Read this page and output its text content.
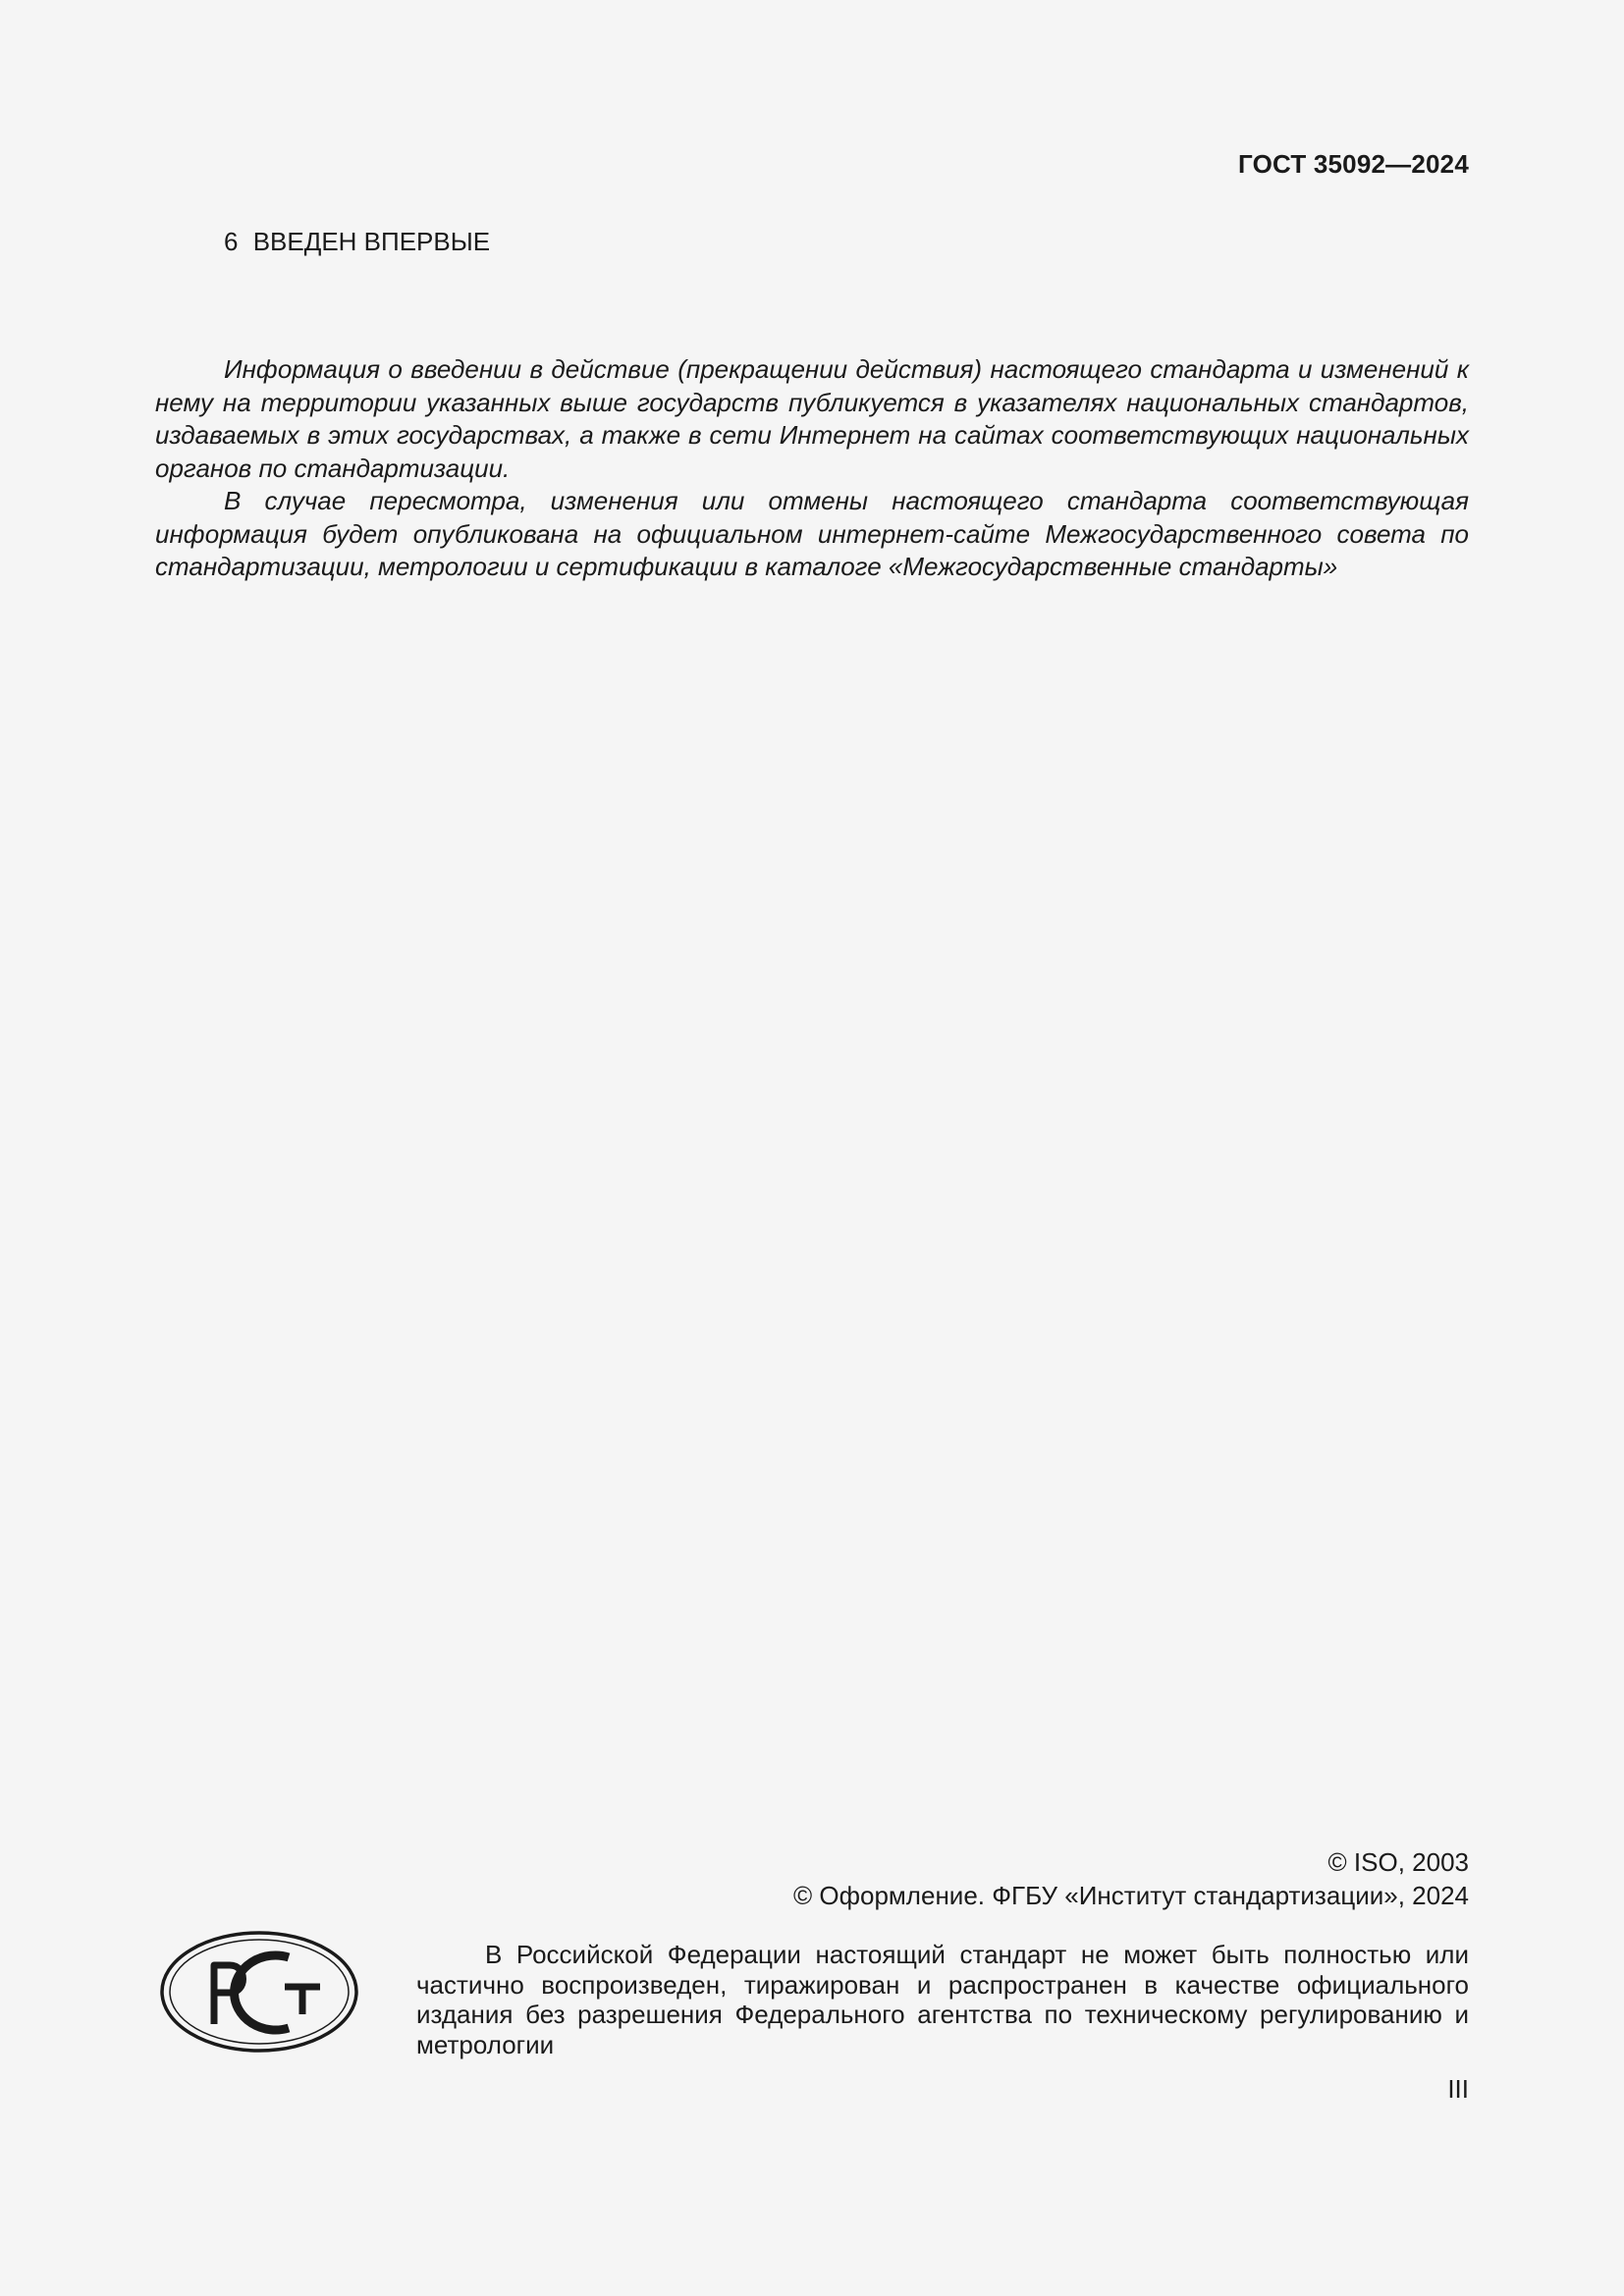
ГОСТ 35092—2024
6 ВВЕДЕН ВПЕРВЫЕ

Информация о введении в действие (прекращении действия) настоящего стандарта и изменений к нему на территории указанных выше государств публикуется в указателях национальных стандартов, издаваемых в этих государствах, а также в сети Интернет на сайтах соответствующих национальных органов по стандартизации.

В случае пересмотра, изменения или отмены настоящего стандарта соответствующая информация будет опубликована на официальном интернет-сайте Межгосударственного совета по стандартизации, метрологии и сертификации в каталоге «Межгосударственные стандарты»

© ISO, 2003
© Оформление. ФГБУ «Институт стандартизации», 2024

В Российской Федерации настоящий стандарт не может быть полностью или частично воспроизведен, тиражирован и распространен в качестве официального издания без разрешения Федерального агентства по техническому регулированию и метрологии

III
